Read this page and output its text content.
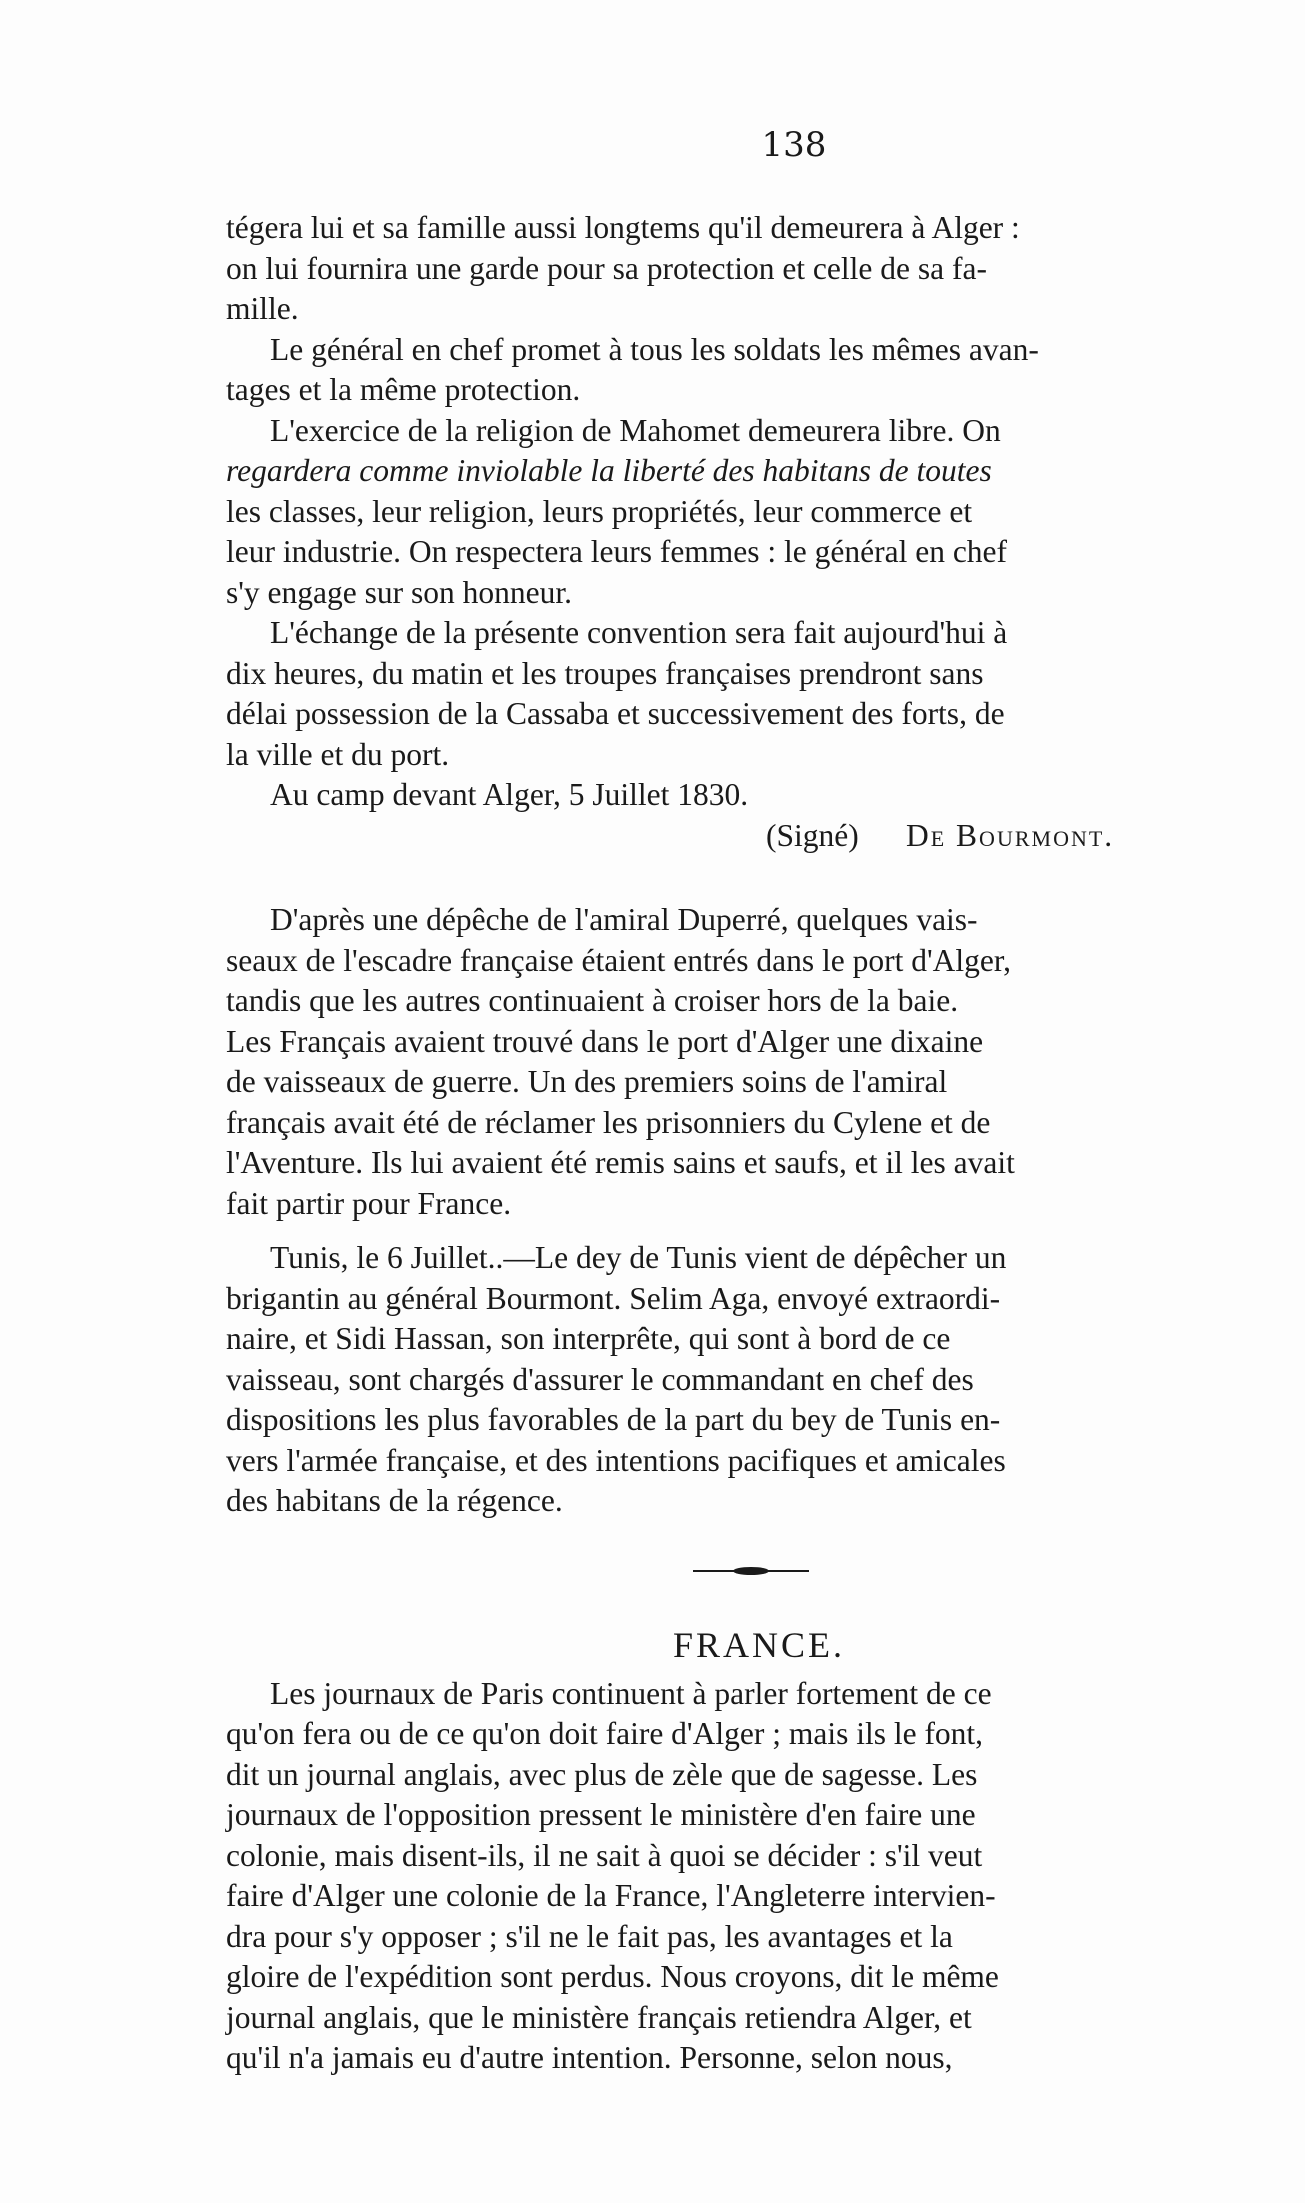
138

tégera lui et sa famille aussi longtems qu'il demeurera à Alger :
on lui fournira une garde pour sa protection et celle de sa fa-
mille.

Le général en chef promet à tous les soldats les mêmes avan-
tages et la même protection.

L'exercice de la religion de Mahomet demeurera libre. On
regardera comme inviolable la liberté des habitans de toutes
les classes, leur religion, leurs propriétés, leur commerce et
leur industrie. On respectera leurs femmes : le général en chef
s'y engage sur son honneur.

L'échange de la présente convention sera fait aujourd'hui à
dix heures, du matin et les troupes françaises prendront sans
délai possession de la Cassaba et successivement des forts, de
la ville et du port.

Au camp devant Alger, 5 Juillet 1830.

(Signé) De Bourmont.

D'après une dépêche de l'amiral Duperré, quelques vais-
seaux de l'escadre française étaient entrés dans le port d'Alger,
tandis que les autres continuaient à croiser hors de la baie.
Les Français avaient trouvé dans le port d'Alger une dixaine
de vaisseaux de guerre. Un des premiers soins de l'amiral
français avait été de réclamer les prisonniers du Cylene et de
l'Aventure. Ils lui avaient été remis sains et saufs, et il les avait
fait partir pour France.

Tunis, le 6 Juillet..—Le dey de Tunis vient de dépêcher un
brigantin au général Bourmont. Selim Aga, envoyé extraordi-
naire, et Sidi Hassan, son interprête, qui sont à bord de ce
vaisseau, sont chargés d'assurer le commandant en chef des
dispositions les plus favorables de la part du bey de Tunis en-
vers l'armée française, et des intentions pacifiques et amicales
des habitans de la régence.

FRANCE.

Les journaux de Paris continuent à parler fortement de ce
qu'on fera ou de ce qu'on doit faire d'Alger ; mais ils le font,
dit un journal anglais, avec plus de zèle que de sagesse. Les
journaux de l'opposition pressent le ministère d'en faire une
colonie, mais disent-ils, il ne sait à quoi se décider : s'il veut
faire d'Alger une colonie de la France, l'Angleterre intervien-
dra pour s'y opposer ; s'il ne le fait pas, les avantages et la
gloire de l'expédition sont perdus. Nous croyons, dit le même
journal anglais, que le ministère français retiendra Alger, et
qu'il n'a jamais eu d'autre intention. Personne, selon nous,
